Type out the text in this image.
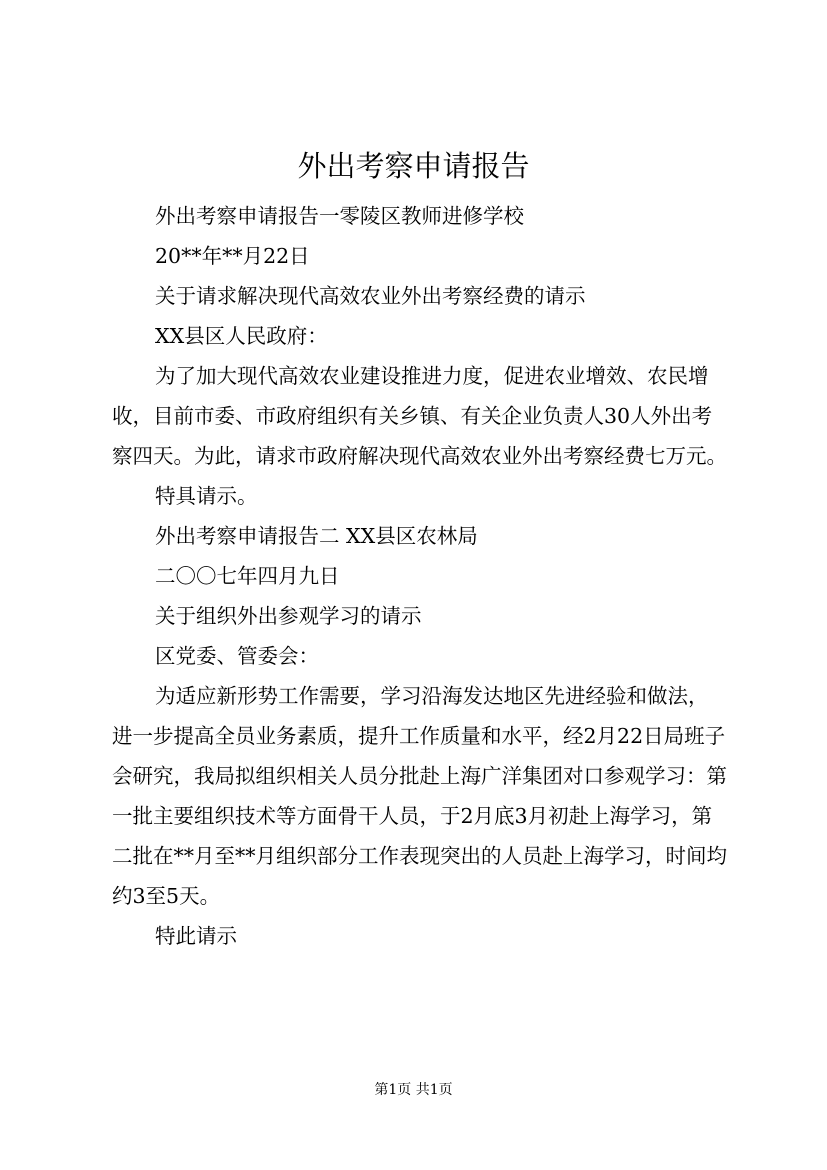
外出考察申请报告

外出考察申请报告一零陵区教师进修学校

20**年**月22日

关于请求解决现代高效农业外出考察经费的请示

XX县区人民政府：

为了加大现代高效农业建设推进力度，促进农业增效、农民增收，目前市委、市政府组织有关乡镇、有关企业负责人30人外出考察四天。为此，请求市政府解决现代高效农业外出考察经费七万元。

特具请示。

外出考察申请报告二 XX县区农林局

二〇〇七年四月九日

关于组织外出参观学习的请示

区党委、管委会：

为适应新形势工作需要，学习沿海发达地区先进经验和做法，进一步提高全员业务素质，提升工作质量和水平，经2月22日局班子会研究，我局拟组织相关人员分批赴上海广洋集团对口参观学习：第一批主要组织技术等方面骨干人员，于2月底3月初赴上海学习，第二批在**月至**月组织部分工作表现突出的人员赴上海学习，时间均约3至5天。

特此请示

第1页 共1页
